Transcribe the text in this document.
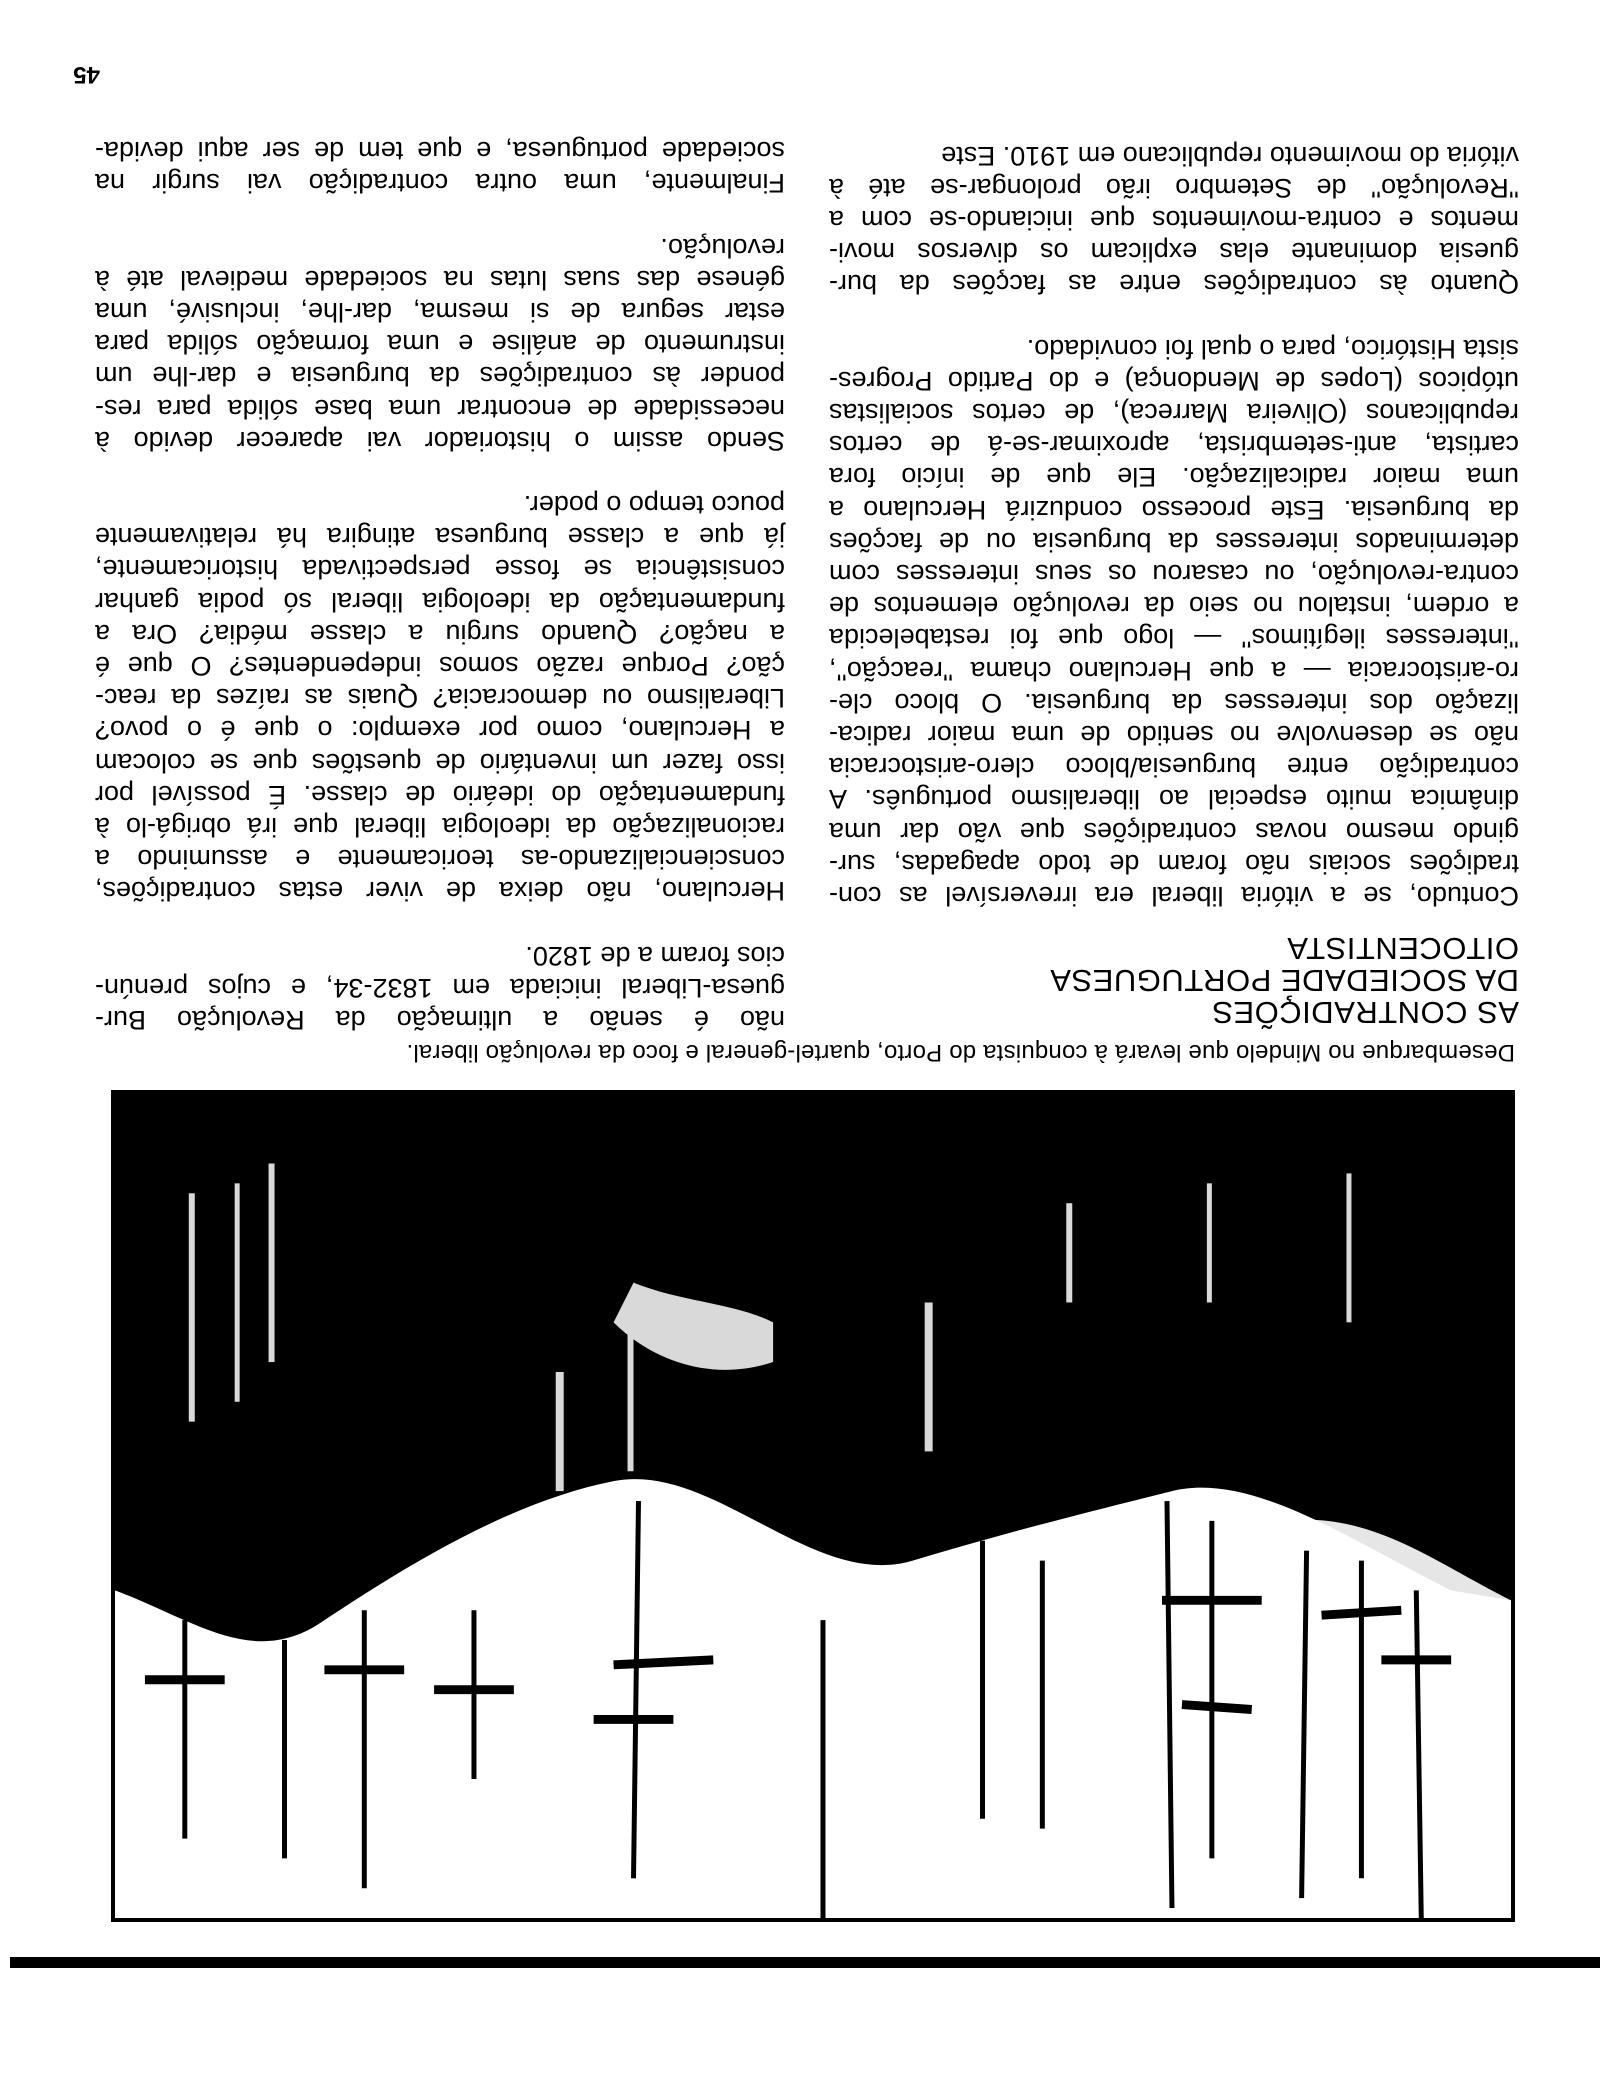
Desembarque no Mindelo que levará à conquista do Porto, quartel-general e foco da revolução liberal.
AS CONTRADIÇÕES
DA SOCIEDADE PORTUGUESA OITOCENTISTA

Contudo, se a vitória liberal era irreversível as con-
tradições sociais não foram de todo apagadas, sur-
gindo mesmo novas contradições que vão dar uma
dinâmica muito especial ao liberalismo português. A
contradição entre burguesia/bloco clero-aristocracia
não se desenvolve no sentido de uma maior radica-
lização dos interesses da burguesia. O bloco cle-
ro-aristocracia — a que Herculano chama ''reacção'',
''interesses ilegítimos'' — logo que foi restabelecida
a ordem, instalou no seio da revolução elementos de
contra-revolução, ou casarou os seus interesses com
determinados interesses da burguesia ou de facções
da burguesia. Este processo conduzirá Herculano a
uma maior radicalização. Ele que de início fora
cartista, anti-setembrista, aproximar-se-á de certos
republicanos (Oliveira Marreca), de certos socialistas
utópicos (Lopes de Mendonça) e do Partido Progres-
sista Histórico, para o qual foi convidado.

Quanto às contradições entre as facções da bur-
guesia dominante elas explicam os diversos movi-
mentos e contra-movimentos que iniciando-se com a
''Revolução'' de Setembro irão prolongar-se até à
vitória do movimento republicano em 1910. Este

não é senão a ultimação da Revolução Bur-
guesa-Liberal iniciada em 1832-34, e cujos prenún-
cios foram a de 1820.

Herculano, não deixa de viver estas contradições,
consciencializando-as teoricamente e assumindo a
racionalização da ideologia liberal que irá obrigá-lo à
fundamentação do ideário de classe. É possível por
isso fazer um inventário de questões que se colocam
a Herculano, como por exemplo: o que é o povo?
Liberalismo ou democracia? Quais as raízes da reac-
ção? Porque razão somos independentes? O que é
a nação? Quando surgiu a classe média? Ora a
fundamentação da ideologia liberal só podia ganhar
consistência se fosse perspectivada historicamente,
já que a classe burguesa atingira há relativamente
pouco tempo o poder.

Sendo assim o historiador vai aparecer devido à
necessidade de encontrar uma base sólida para res-
ponder às contradições da burguesia e dar-lhe um
instrumento de análise e uma formação sólida para
estar segura de si mesma, dar-lhe, inclusivé, uma
génese das suas lutas na sociedade medieval até à
revolução.

Finalmente, uma outra contradição vai surgir na
sociedade portuguesa, e que tem de ser aqui devida-

45
